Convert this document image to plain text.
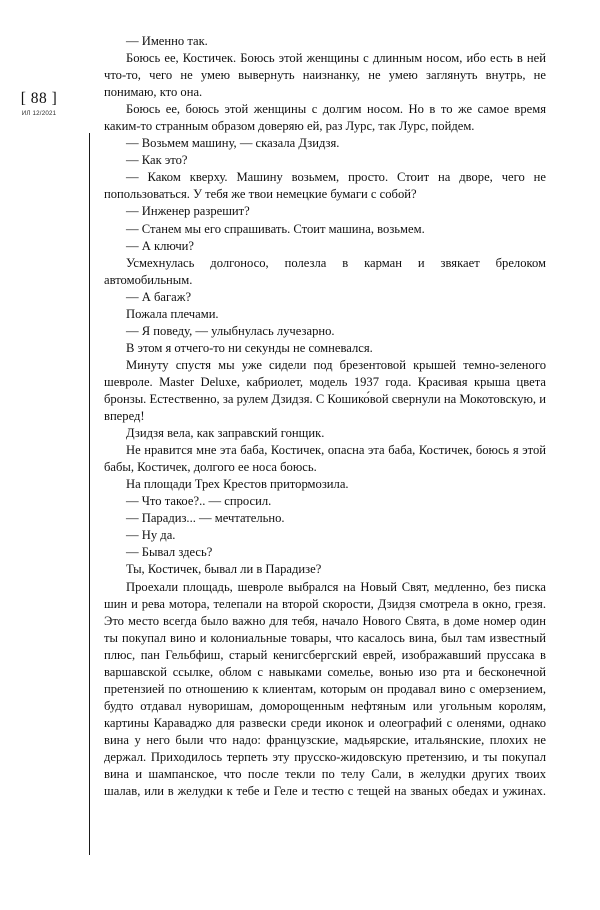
[ 88 ]
ИЛ 12/2021

— Именно так.

Боюсь ее, Костичек. Боюсь этой женщины с длинным носом, ибо есть в ней что-то, чего не умею вывернуть наизнанку, не умею заглянуть внутрь, не понимаю, кто она.

Боюсь ее, боюсь этой женщины с долгим носом. Но в то же самое время каким-то странным образом доверяю ей, раз Лурс, так Лурс, пойдем.

— Возьмем машину, — сказала Дзидзя.

— Как это?

— Каком кверху. Машину возьмем, просто. Стоит на дворе, чего не попользоваться. У тебя же твои немецкие бумаги с собой?

— Инженер разрешит?

— Станем мы его спрашивать. Стоит машина, возьмем.

— А ключи?

Усмехнулась долгоносо, полезла в карман и звякает брелоком автомобильным.

— А багаж?

Пожала плечами.

— Я поведу, — улыбнулась лучезарно.

В этом я отчего-то ни секунды не сомневался.

Минуту спустя мы уже сидели под брезентовой крышей темно-зеленого шевроле. Master Deluxe, кабриолет, модель 1937 года. Красивая крыша цвета бронзы. Естественно, за рулем Дзидзя. С Кошико́вой свернули на Мокотовскую, и вперед!

Дзидзя вела, как заправский гонщик.

Не нравится мне эта баба, Костичек, опасна эта баба, Костичек, боюсь я этой бабы, Костичек, долгого ее носа боюсь.

На площади Трех Крестов притормозила.

— Что такое?.. — спросил.

— Парадиз... — мечтательно.

— Ну да.

— Бывал здесь?

Ты, Костичек, бывал ли в Парадизе?

Проехали площадь, шевроле выбрался на Новый Свят, медленно, без писка шин и рева мотора, телепали на второй скорости, Дзидзя смотрела в окно, грезя. Это место всегда было важно для тебя, начало Нового Свята, в доме номер один ты покупал вино и колониальные товары, что касалось вина, был там известный плюс, пан Гельбфиш, старый кенигсбергский еврей, изображавший пруссака в варшавской ссылке, облом с навыками сомелье, вонью изо рта и бесконечной претензией по отношению к клиентам, которым он продавал вино с омерзением, будто отдавал нуворишам, доморощенным нефтяным или угольным королям, картины Караваджо для развески среди иконок и олеографий с оленями, однако вина у него были что надо: французские, мадьярские, итальянские, плохих не держал. Приходилось терпеть эту прусско-жидовскую претензию, и ты покупал вина и шампанское, что после текли по телу Сали, в желудки других твоих шалав, или в желудки к тебе и Геле и тестю с тещей на званых обедах и ужинах.
